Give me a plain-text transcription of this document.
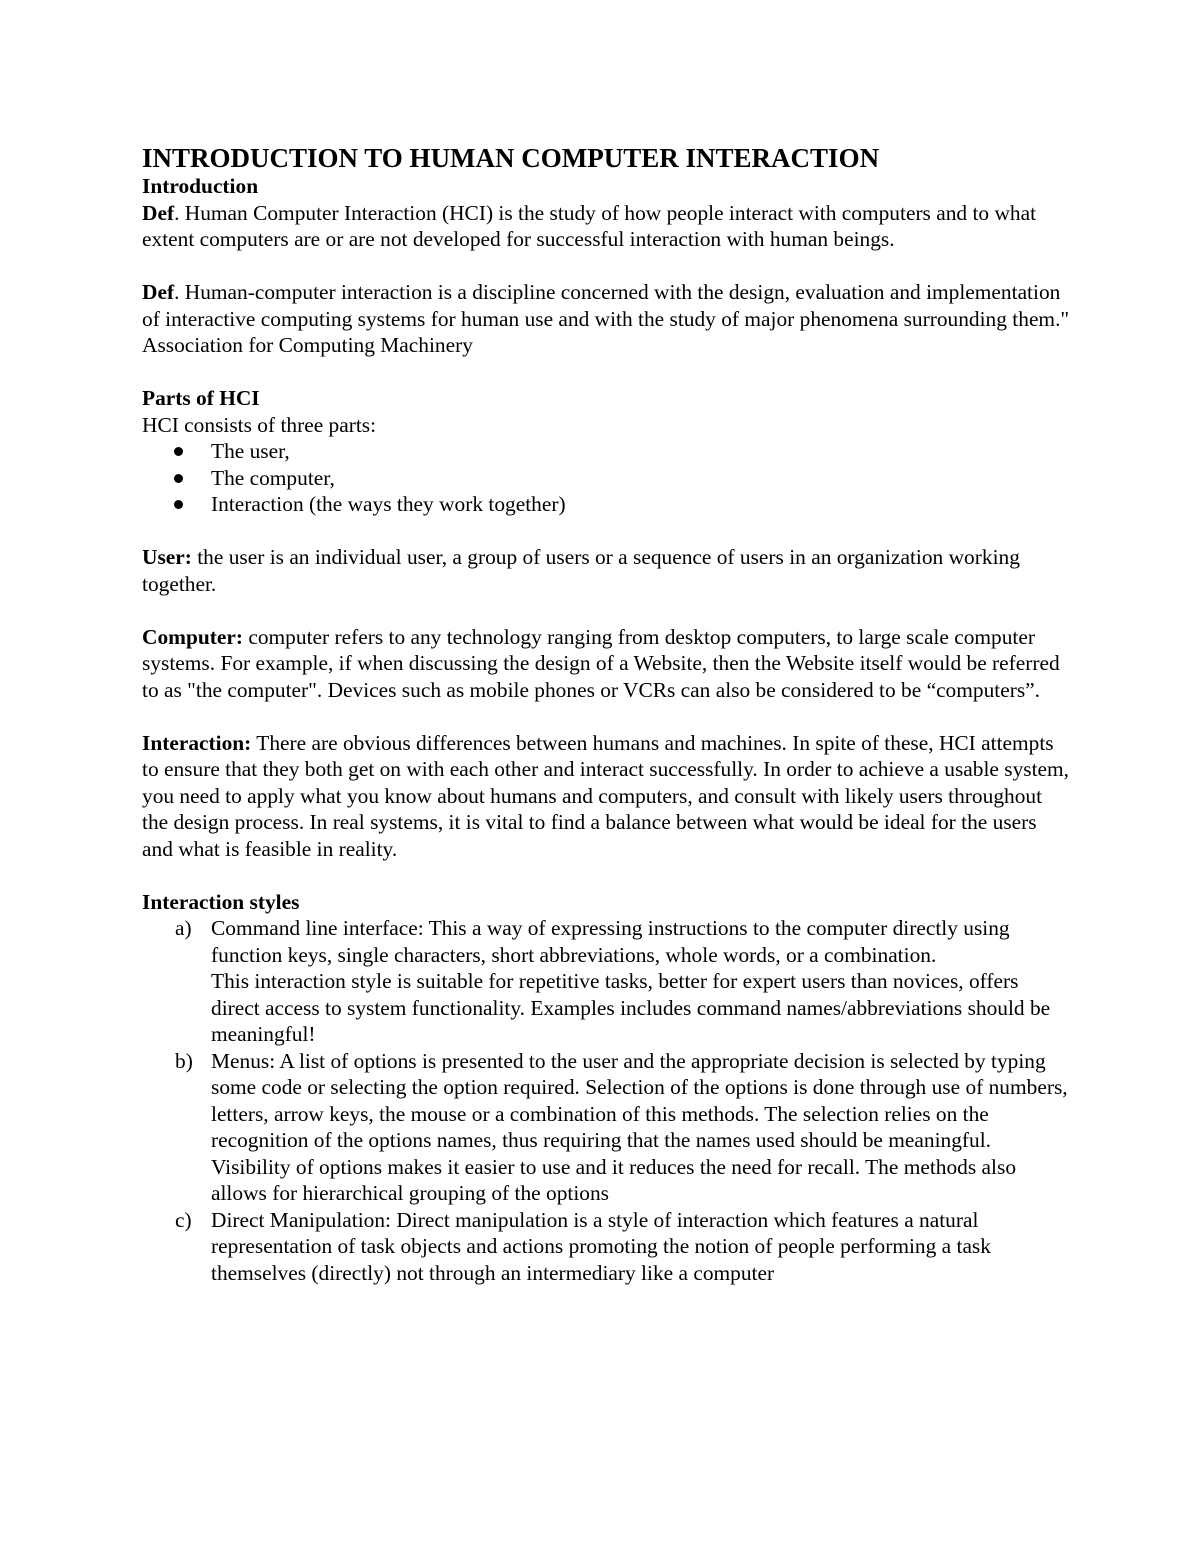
INTRODUCTION TO HUMAN COMPUTER INTERACTION

Introduction

Def. Human Computer Interaction (HCI) is the study of how people interact with computers and to what extent computers are or are not developed for successful interaction with human beings.

Def. Human-computer interaction is a discipline concerned with the design, evaluation and implementation of interactive computing systems for human use and with the study of major phenomena surrounding them." Association for Computing Machinery

Parts of HCI

HCI consists of three parts:

The user,
The computer,
Interaction (the ways they work together)

User: the user is an individual user, a group of users or a sequence of users in an organization working together.

Computer: computer refers to any technology ranging from desktop computers, to large scale computer systems. For example, if when discussing the design of a Website, then the Website itself would be referred to as "the computer". Devices such as mobile phones or VCRs can also be considered to be “computers”.

Interaction: There are obvious differences between humans and machines. In spite of these, HCI attempts to ensure that they both get on with each other and interact successfully. In order to achieve a usable system, you need to apply what you know about humans and computers, and consult with likely users throughout the design process. In real systems, it is vital to find a balance between what would be ideal for the users and what is feasible in reality.

Interaction styles

a) Command line interface: This a way of expressing instructions to the computer directly using function keys, single characters, short abbreviations, whole words, or a combination.

This interaction style is suitable for repetitive tasks, better for expert users than novices, offers direct access to system functionality. Examples includes command names/abbreviations should be meaningful!

b) Menus: A list of options is presented to the user and the appropriate decision is selected by typing some code or selecting the option required. Selection of the options is done through use of numbers, letters, arrow keys, the mouse or a combination of this methods. The selection relies on the recognition of the options names, thus requiring that the names used should be meaningful. Visibility of options makes it easier to use and it reduces the need for recall. The methods also allows for hierarchical grouping of the options

c) Direct Manipulation: Direct manipulation is a style of interaction which features a natural representation of task objects and actions promoting the notion of people performing a task themselves (directly) not through an intermediary like a computer
